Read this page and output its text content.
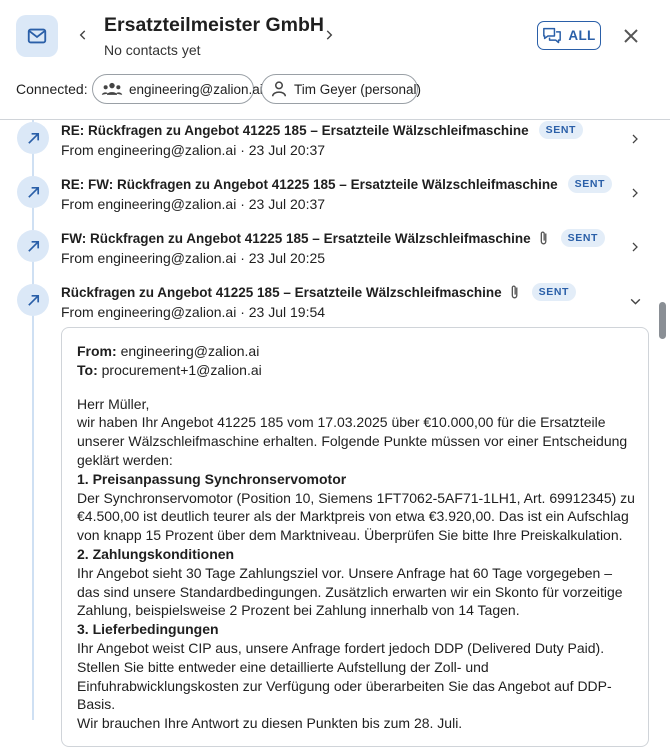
Ersatzteilmeister GmbH
No contacts yet
ALL
Connected:	engineering@zalion.ai Tim Geyer (personal)
RE: Rückfragen zu Angebot 41225 185 – Ersatzteile Wälzschleifmaschine	SENT
From engineering@zalion.ai · 23 Jul 20:37
RE: FW: Rückfragen zu Angebot 41225 185 – Ersatzteile Wälzschleifmaschine	SENT
From engineering@zalion.ai · 23 Jul 20:37
FW: Rückfragen zu Angebot 41225 185 – Ersatzteile Wälzschleifmaschine	SENT
From engineering@zalion.ai · 23 Jul 20:25
Rückfragen zu Angebot 41225 185 – Ersatzteile Wälzschleifmaschine	SENT
From engineering@zalion.ai · 23 Jul 19:54

From: engineering@zalion.ai

To: procurement+1@zalion.ai

Herr Müller,

wir haben Ihr Angebot 41225 185 vom 17.03.2025 über €10.000,00 für die Ersatzteile unserer Wälzschleifmaschine erhalten. Folgende Punkte müssen vor einer Entscheidung geklärt werden:

1. Preisanpassung Synchronservomotor

Der Synchronservomotor (Position 10, Siemens 1FT7062-5AF71-1LH1, Art. 69912345) zu €4.500,00 ist deutlich teurer als der Marktpreis von etwa €3.920,00. Das ist ein Aufschlag von knapp 15 Prozent über dem Marktniveau. Überprüfen Sie bitte Ihre Preiskalkulation.

2. Zahlungskonditionen

Ihr Angebot sieht 30 Tage Zahlungsziel vor. Unsere Anfrage hat 60 Tage vorgegeben – das sind unsere Standardbedingungen. Zusätzlich erwarten wir ein Skonto für vorzeitige Zahlung, beispielsweise 2 Prozent bei Zahlung innerhalb von 14 Tagen.

3. Lieferbedingungen

Ihr Angebot weist CIP aus, unsere Anfrage fordert jedoch DDP (Delivered Duty Paid). Stellen Sie bitte entweder eine detaillierte Aufstellung der Zoll- und Einfuhrabwicklungskosten zur Verfügung oder überarbeiten Sie das Angebot auf DDP-Basis.

Wir brauchen Ihre Antwort zu diesen Punkten bis zum 28. Juli.
